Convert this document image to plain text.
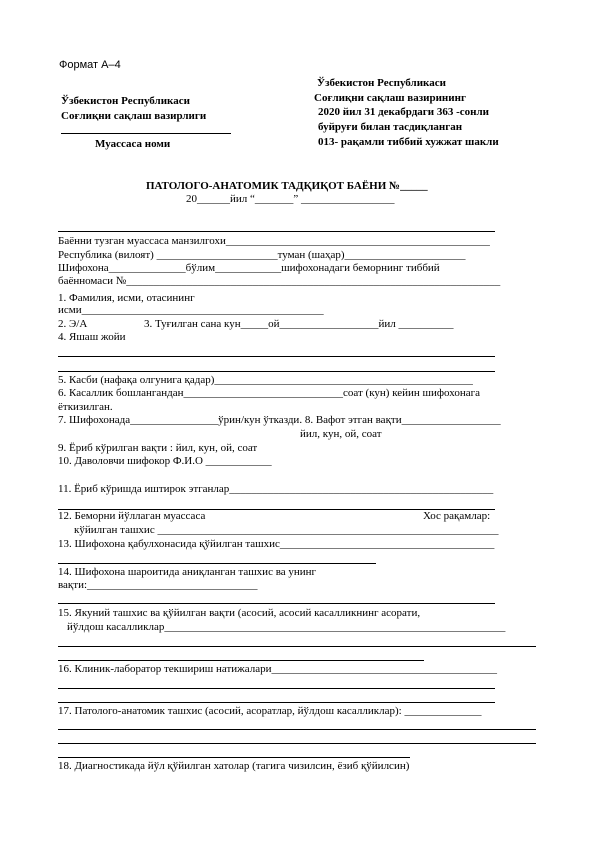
Формат А–4
Ўзбекистон Республикаси
Соғлиқни сақлаш вазирлиги
Муассаса номи
Ўзбекистон Республикаси
Соғлиқни сақлаш вазирининг
2020 йил 31 декабрдаги 363 -сонли
буйруғи билан тасдиқланган
013- рақамли тиббий хужжат шакли
ПАТОЛОГО-АНАТОМИК ТАДҚИҚОТ БАЁНИ №_____
20______йил “_______” _________________
Баённи тузган муассаса манзилгохи________________________________________________
Республика (вилоят) ______________________туман (шаҳар)______________________
Шифохона______________бўлим____________шифохонадаги беморнинг тиббий
баённомаси №____________________________________________________________________
1. Фамилия, исми, отасининг
исми____________________________________________
2. Э/А	3. Туғилган сана кун_____ой__________________йил __________
4. Яшаш жойи
5. Касби (нафақа олгунига қадар)_______________________________________________
6. Касаллик бошлангандан_____________________________соат (кун) кейин шифохонага
ёткизилган.
7. Шифохонада________________ўрин/кун ўтказди. 8. Вафот этган вақти__________________
йил, кун, ой, соат
9. Ёриб кўрилган вақти : йил, кун, ой, соат
10. Даволовчи шифокор Ф.И.О ____________
11. Ёриб кўришда иштирок этганлар________________________________________________
12. Беморни йўллаган муассаса	Хос рақамлар:
кўйилган ташхис ______________________________________________________________
13. Шифохона қабулхонасида қўйилган ташхис_______________________________________
14. Шифохона шароитида аниқланган ташхис ва унинг
вақти:_______________________________
15. Якуний ташхис ва қўйилган вақти (асосий, асосий касалликнинг асорати,
йўлдош касалликлар______________________________________________________________
16. Клиник-лаборатор текшириш натижалари_________________________________________
17. Патолого-анатомик ташхис (асосий, асоратлар, йўлдош касалликлар): ______________
18. Диагностикада йўл қўйилган хатолар (тагига чизилсин, ёзиб қўйилсин)
